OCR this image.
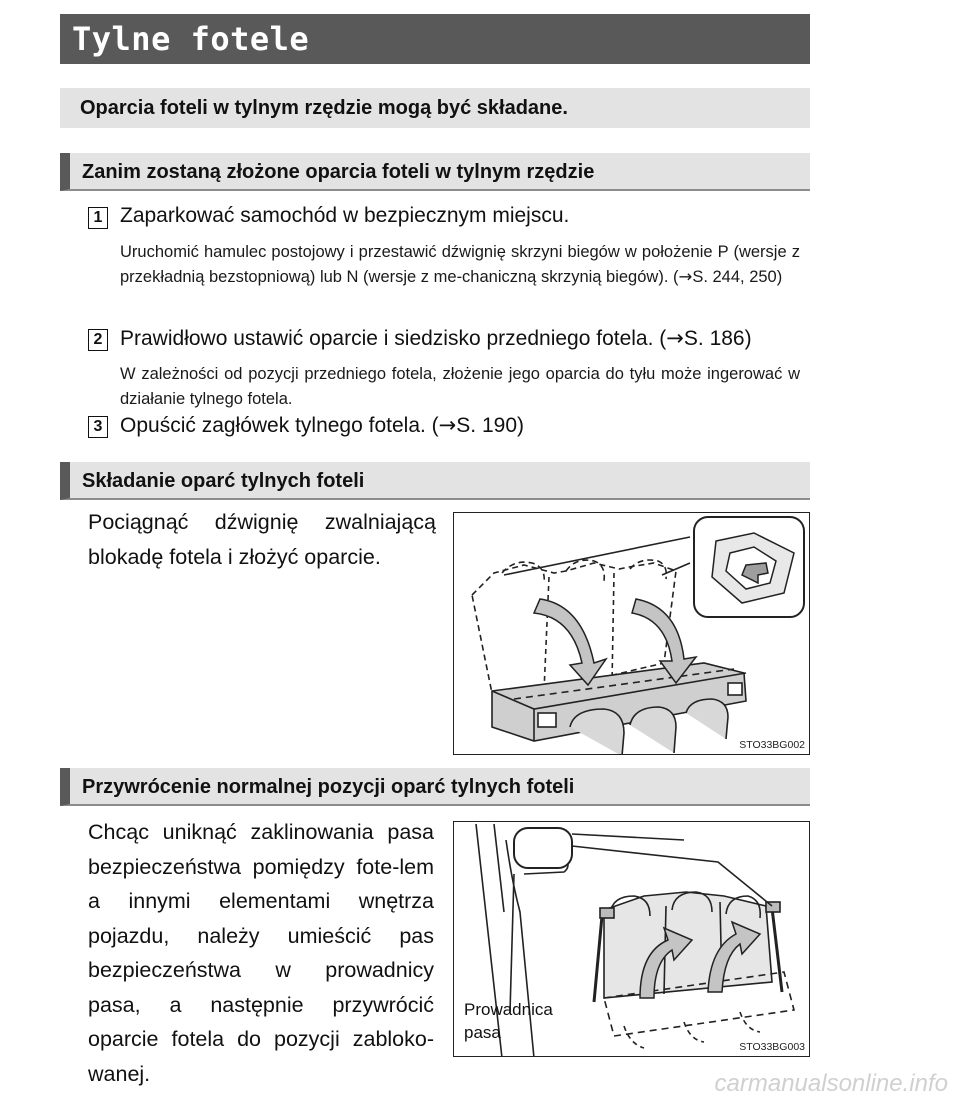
Tylne fotele
Oparcia foteli w tylnym rzędzie mogą być składane.
Zanim zostaną złożone oparcia foteli w tylnym rzędzie
1 Zaparkować samochód w bezpiecznym miejscu.
Uruchomić hamulec postojowy i przestawić dźwignię skrzyni biegów w położenie P (wersje z przekładnią bezstopniową) lub N (wersje z me-chaniczną skrzynią biegów). (→S. 244, 250)
2 Prawidłowo ustawić oparcie i siedzisko przedniego fotela. (→S. 186)
W zależności od pozycji przedniego fotela, złożenie jego oparcia do tyłu może ingerować w działanie tylnego fotela.
3 Opuścić zagłówek tylnego fotela. (→S. 190)
Składanie oparć tylnych foteli
Pociągnąć dźwignię zwalniającą blokadę fotela i złożyć oparcie.
STO33BG002
Przywrócenie normalnej pozycji oparć tylnych foteli
Chcąc uniknąć zaklinowania pasa bezpieczeństwa pomiędzy fote-lem a innymi elementami wnętrza pojazdu, należy umieścić pas bezpieczeństwa w prowadnicy pasa, a następnie przywrócić oparcie fotela do pozycji zabloko-wanej.
Prowadnica
pasa
STO33BG003
carmanualsonline.info
